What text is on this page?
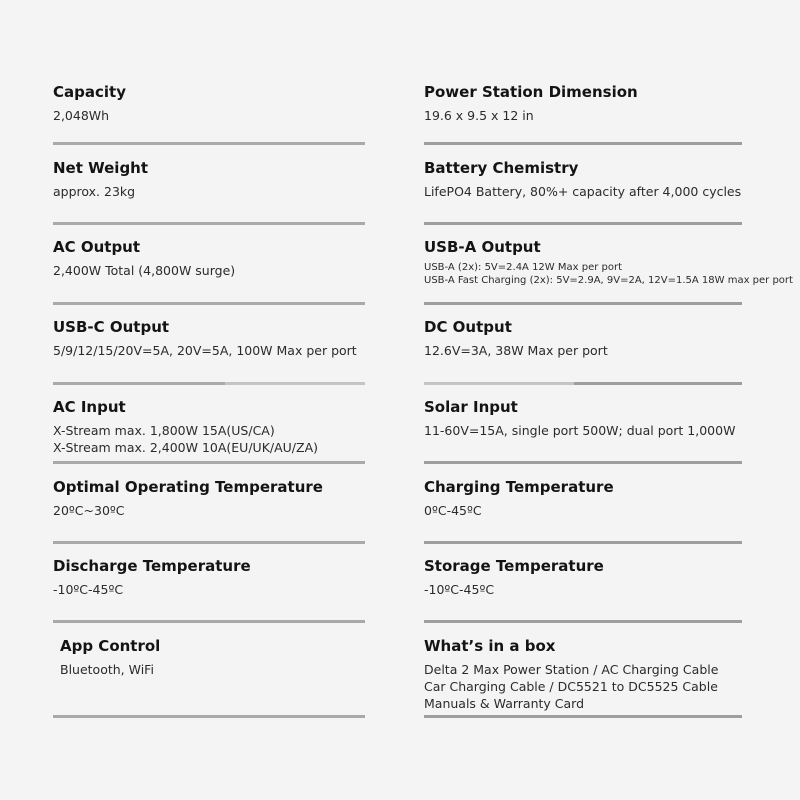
Capacity
2,048Wh
Net Weight
approx. 23kg
AC Output
2,400W Total (4,800W surge)
USB-C Output
5/9/12/15/20V=5A, 20V=5A, 100W Max per port
AC Input
X-Stream max. 1,800W 15A(US/CA)
X-Stream max. 2,400W 10A(EU/UK/AU/ZA)
Optimal Operating Temperature
20ºC~30ºC
Discharge Temperature
-10ºC-45ºC
App Control
Bluetooth, WiFi
Power Station Dimension
19.6 x 9.5 x 12 in
Battery Chemistry
LifePO4 Battery, 80%+ capacity after 4,000 cycles
USB-A Output
USB-A (2x): 5V=2.4A 12W Max per port
USB-A Fast Charging (2x): 5V=2.9A, 9V=2A, 12V=1.5A 18W max per port
DC Output
12.6V=3A, 38W Max per port
Solar Input
11-60V=15A, single port 500W; dual port 1,000W
Charging Temperature
0ºC-45ºC
Storage Temperature
-10ºC-45ºC
What’s in a box
Delta 2 Max Power Station / AC Charging Cable
Car Charging Cable / DC5521 to DC5525 Cable
Manuals & Warranty Card
